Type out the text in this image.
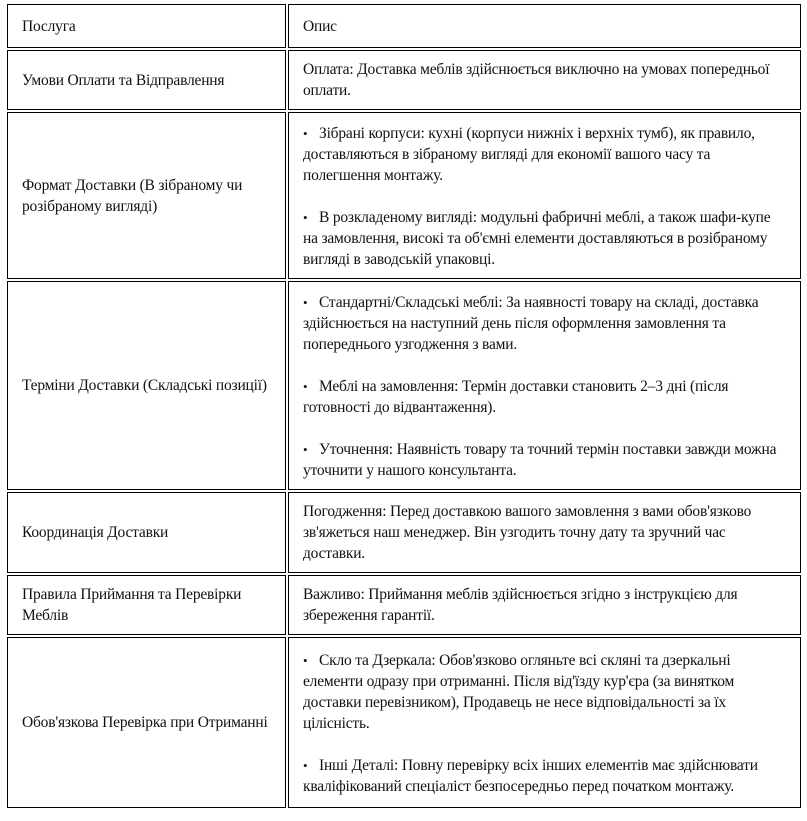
Послуга	Опис
Умови Оплати та Відправлення	Оплата: Доставка меблів здійснюється виключно на умовах попередньої оплати.

Формат Доставки (В зібраному чи розібраному вигляді)	• Зібрані корпуси: кухні (корпуси нижніх і верхніх тумб), як правило, доставляються в зібраному вигляді для економії вашого часу та полегшення монтажу.
• В розкладеному вигляді: модульні фабричні меблі, а також шафи-купе на замовлення, високі та об'ємні елементи доставляються в розібраному вигляді в заводській упаковці.

Терміни Доставки (Складські позиції)	• Стандартні/Складські меблі: За наявності товару на складі, доставка здійснюється на наступний день після оформлення замовлення та попереднього узгодження з вами.
• Меблі на замовлення: Термін доставки становить 2–3 дні (після готовності до відвантаження).
• Уточнення: Наявність товару та точний термін поставки завжди можна уточнити у нашого консультанта.

Координація Доставки	Погодження: Перед доставкою вашого замовлення з вами обов'язково зв'яжеться наш менеджер. Він узгодить точну дату та зручний час доставки.

Правила Приймання та Перевірки Меблів	Важливо: Приймання меблів здійснюється згідно з інструкцією для збереження гарантії.

Обов'язкова Перевірка при Отриманні	• Скло та Дзеркала: Обов'язково огляньте всі скляні та дзеркальні елементи одразу при отриманні. Після від'їзду кур'єра (за винятком доставки перевізником), Продавець не несе відповідальності за їх цілісність.
• Інші Деталі: Повну перевірку всіх інших елементів має здійснювати кваліфікований спеціаліст безпосередньо перед початком монтажу.
